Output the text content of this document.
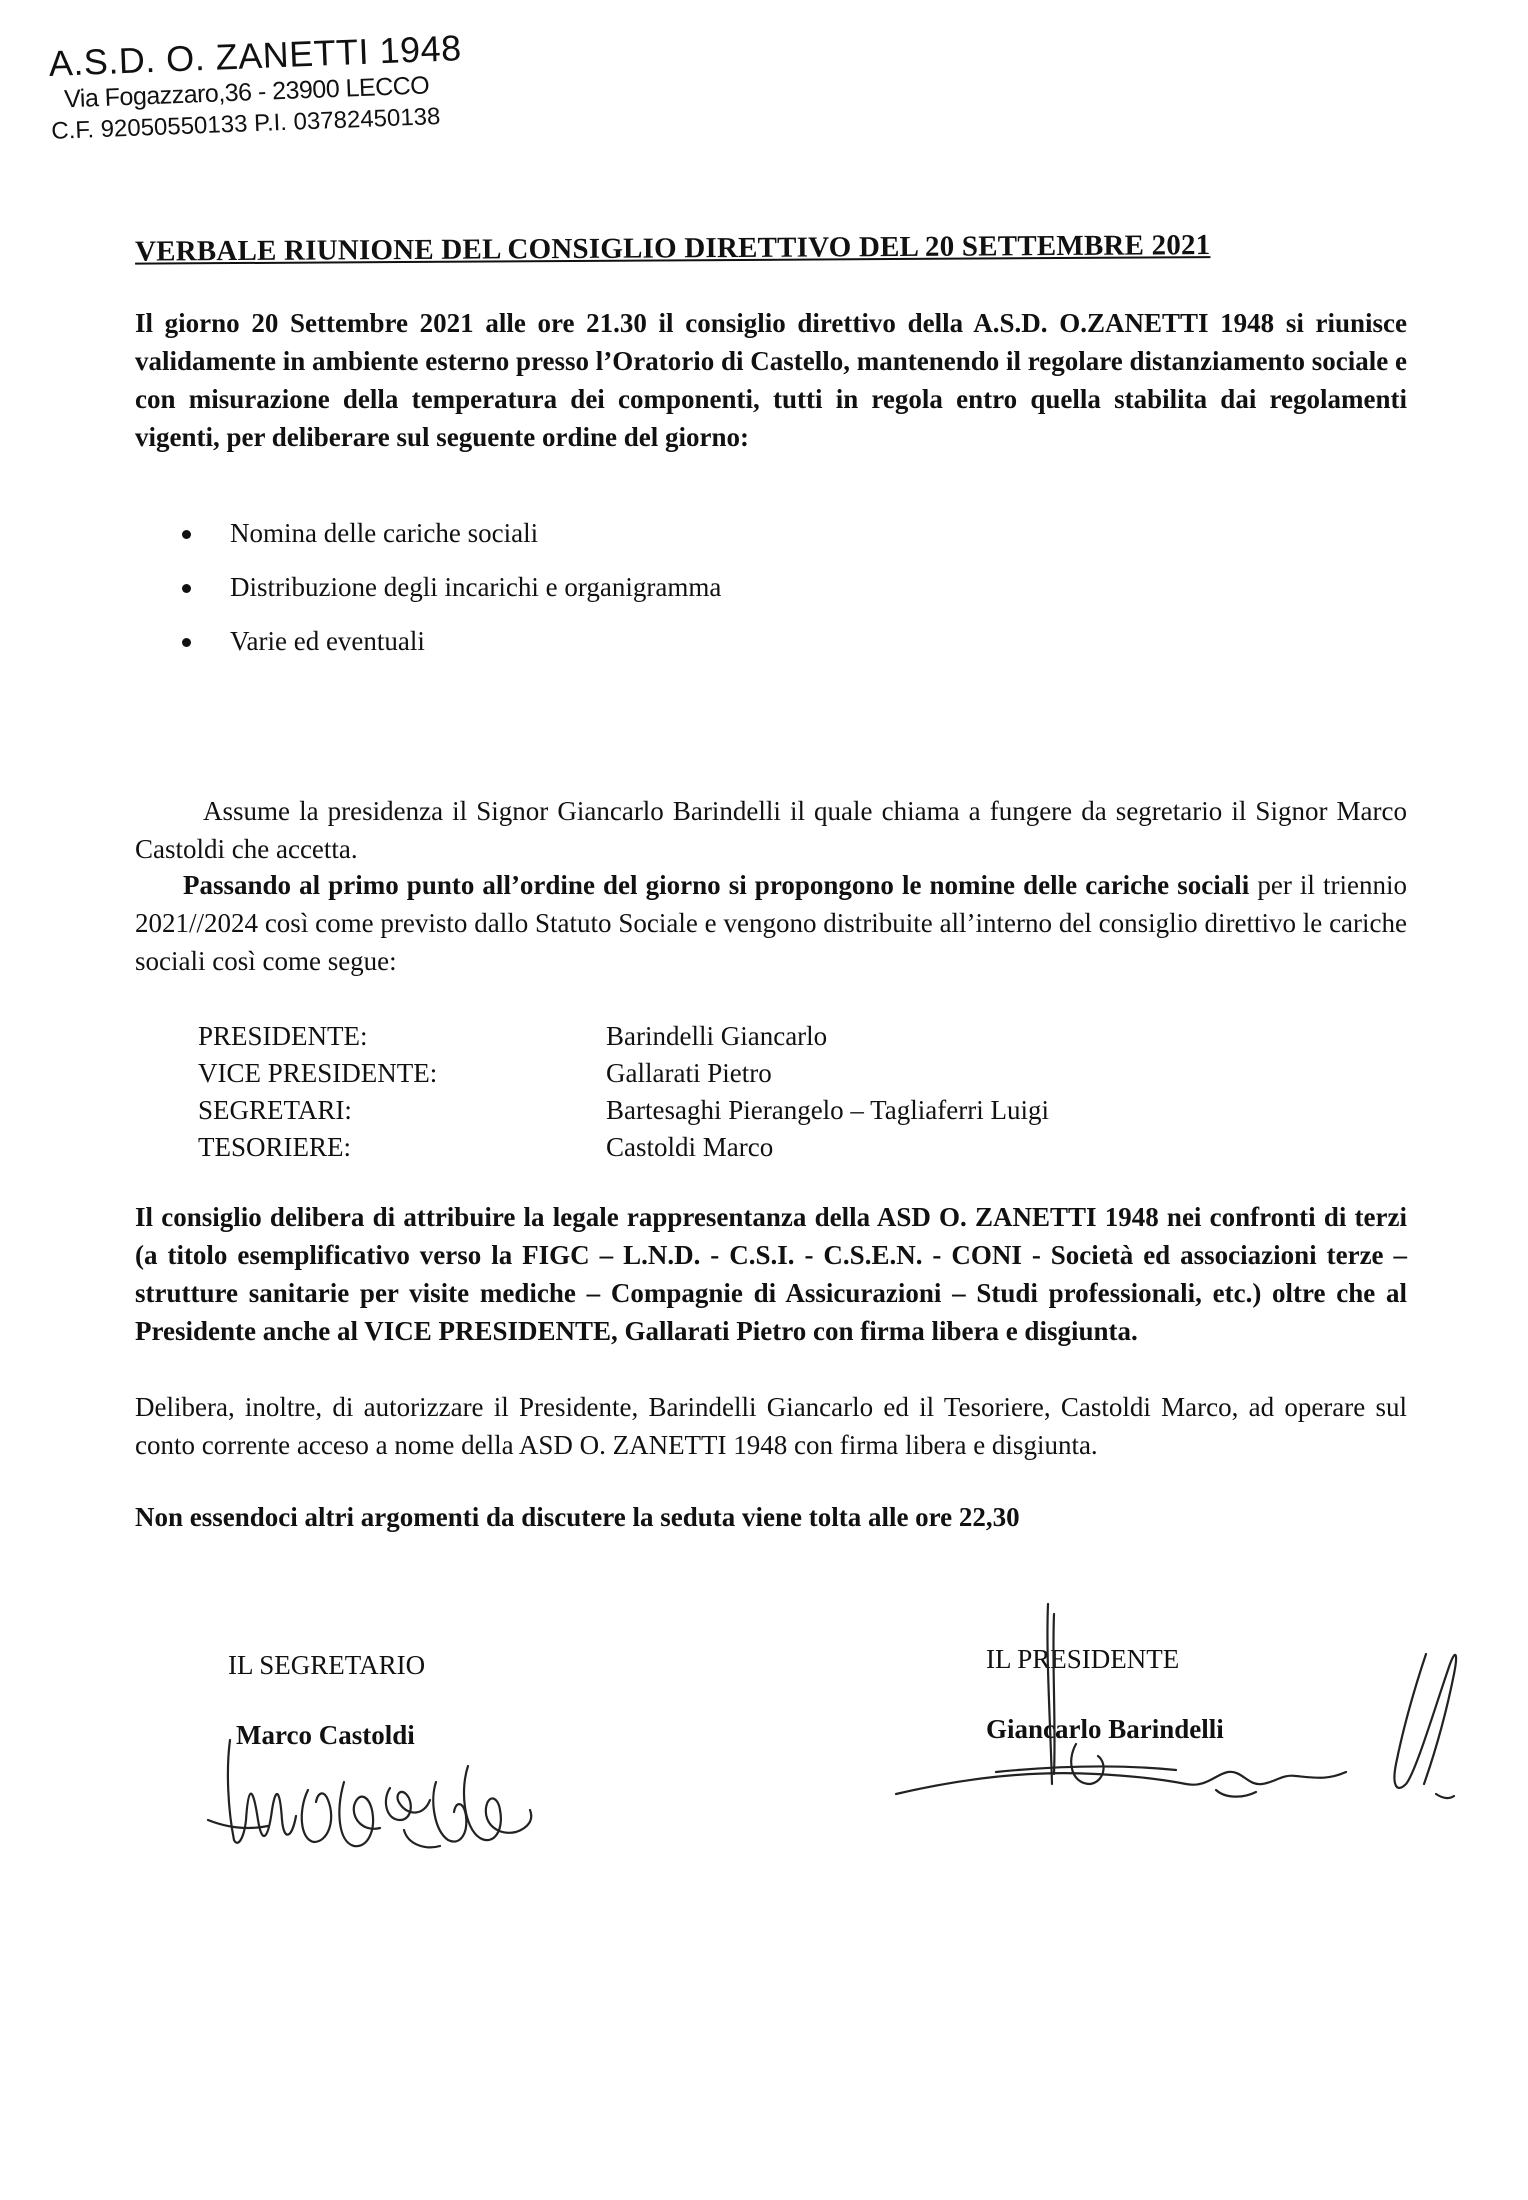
A.S.D. O. ZANETTI 1948
Via Fogazzaro,36 - 23900 LECCO
C.F. 92050550133 P.I. 03782450138
VERBALE RIUNIONE DEL CONSIGLIO DIRETTIVO DEL 20 SETTEMBRE 2021
Il giorno 20 Settembre 2021 alle ore 21.30 il consiglio direttivo della A.S.D. O.ZANETTI 1948 si riunisce validamente in ambiente esterno presso l’Oratorio di Castello, mantenendo il regolare distanziamento sociale e con misurazione della temperatura dei componenti, tutti in regola entro quella stabilita dai regolamenti vigenti, per deliberare sul seguente ordine del giorno:
Nomina delle cariche sociali
Distribuzione degli incarichi e organigramma
Varie ed eventuali
Assume la presidenza il Signor Giancarlo Barindelli il quale chiama a fungere da segretario il Signor Marco Castoldi che accetta.
Passando al primo punto all’ordine del giorno si propongono le nomine delle cariche sociali per il triennio 2021//2024 così come previsto dallo Statuto Sociale e vengono distribuite all’interno del consiglio direttivo le cariche sociali così come segue:
PRESIDENTE:	Barindelli Giancarlo
VICE PRESIDENTE:	Gallarati Pietro
SEGRETARI:	Bartesaghi Pierangelo – Tagliaferri Luigi
TESORIERE:	Castoldi Marco
Il consiglio delibera di attribuire la legale rappresentanza della ASD O. ZANETTI 1948 nei confronti di terzi (a titolo esemplificativo verso la FIGC – L.N.D. - C.S.I. - C.S.E.N. - CONI - Società ed associazioni terze – strutture sanitarie per visite mediche – Compagnie di Assicurazioni – Studi professionali, etc.) oltre che al Presidente anche al VICE PRESIDENTE, Gallarati Pietro con firma libera e disgiunta.
Delibera, inoltre, di autorizzare il Presidente, Barindelli Giancarlo ed il Tesoriere, Castoldi Marco, ad operare sul conto corrente acceso a nome della ASD O. ZANETTI 1948 con firma libera e disgiunta.
Non essendoci altri argomenti da discutere la seduta viene tolta alle ore 22,30
IL SEGRETARIO
Marco Castoldi
IL PRESIDENTE
Giancarlo Barindelli
